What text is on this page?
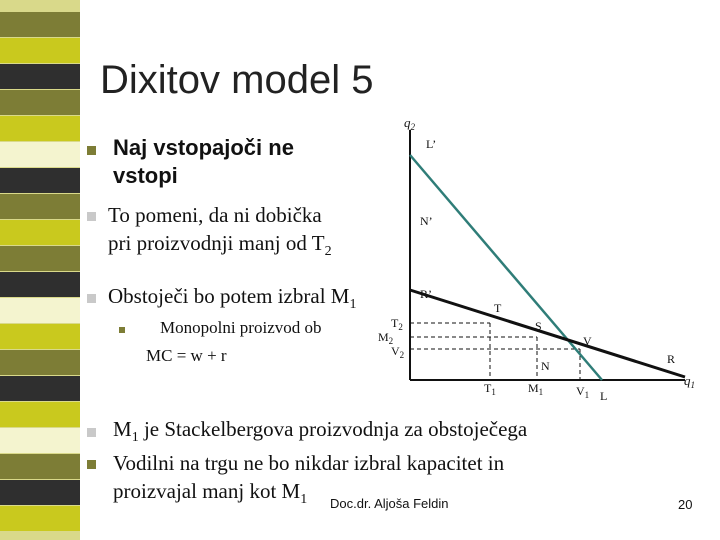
Dixitov model 5
Naj vstopajoči ne
vstopi
To pomeni, da ni dobička
pri proizvodnji manj od $T_2$
Obstoječi bo potem izbral $M_1$
Monopolni proizvod ob
MC = w + r
$M_1$ je Stackelbergova proizvodnja za obstoječega
Vodilni na trgu ne bo nikdar izbral kapacitet in
proizvajal manj kot $M_1$
$q_2$
$q_1$
L’
N’
R’
T
S
V
N	R
$T_2$
$M_2$
$V_2$
$T_1$	$M_1$	$V_1$ L
Doc.dr. Aljoša Feldin	20
